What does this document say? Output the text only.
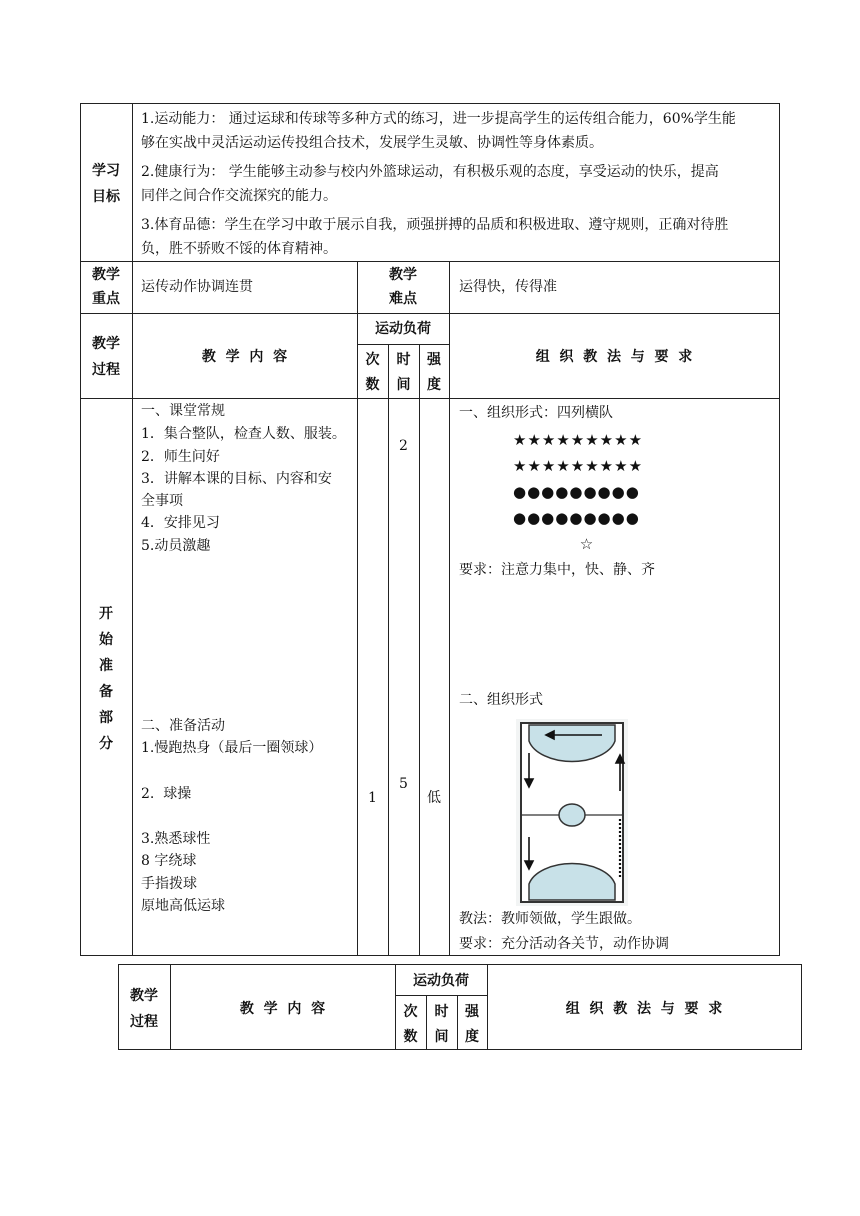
学习
目标
1.运动能力： 通过运球和传球等多种方式的练习，进一步提高学生的运传组合能力，60%学生能
够在实战中灵活运动运传投组合技术，发展学生灵敏、协调性等身体素质。
2.健康行为： 学生能够主动参与校内外篮球运动，有积极乐观的态度，享受运动的快乐，提高
同伴之间合作交流探究的能力。
3.体育品德：学生在学习中敢于展示自我，顽强拼搏的品质和积极进取、遵守规则，正确对待胜
负，胜不骄败不馁的体育精神。
教学
重点
运传动作协调连贯
教学
难点
运得快，传得准
教学
过程
教  学  内  容
运动负荷
次
数
时
间
强
度
组  织  教  法  与  要  求
开
始
准
备
部
分
一、课堂常规
1．集合整队，检查人数、服装。
2．师生问好
3．讲解本课的目标、内容和安
全事项
4．安排见习
5.动员激趣
二、准备活动
1.慢跑热身（最后一圈领球）
2.  球操
3.熟悉球性
8 字绕球
手指拨球
原地高低运球
1
2
5
低
一、组织形式：四列横队
★★★★★★★★★
★★★★★★★★★
●●●●●●●●●
●●●●●●●●●
☆
要求：注意力集中，快、静、齐
二、组织形式
教法：教师领做，学生跟做。
要求：充分活动各关节，动作协调
教学
过程
教  学  内  容
运动负荷
次
数
时
间
强
度
组  织  教  法  与  要  求
